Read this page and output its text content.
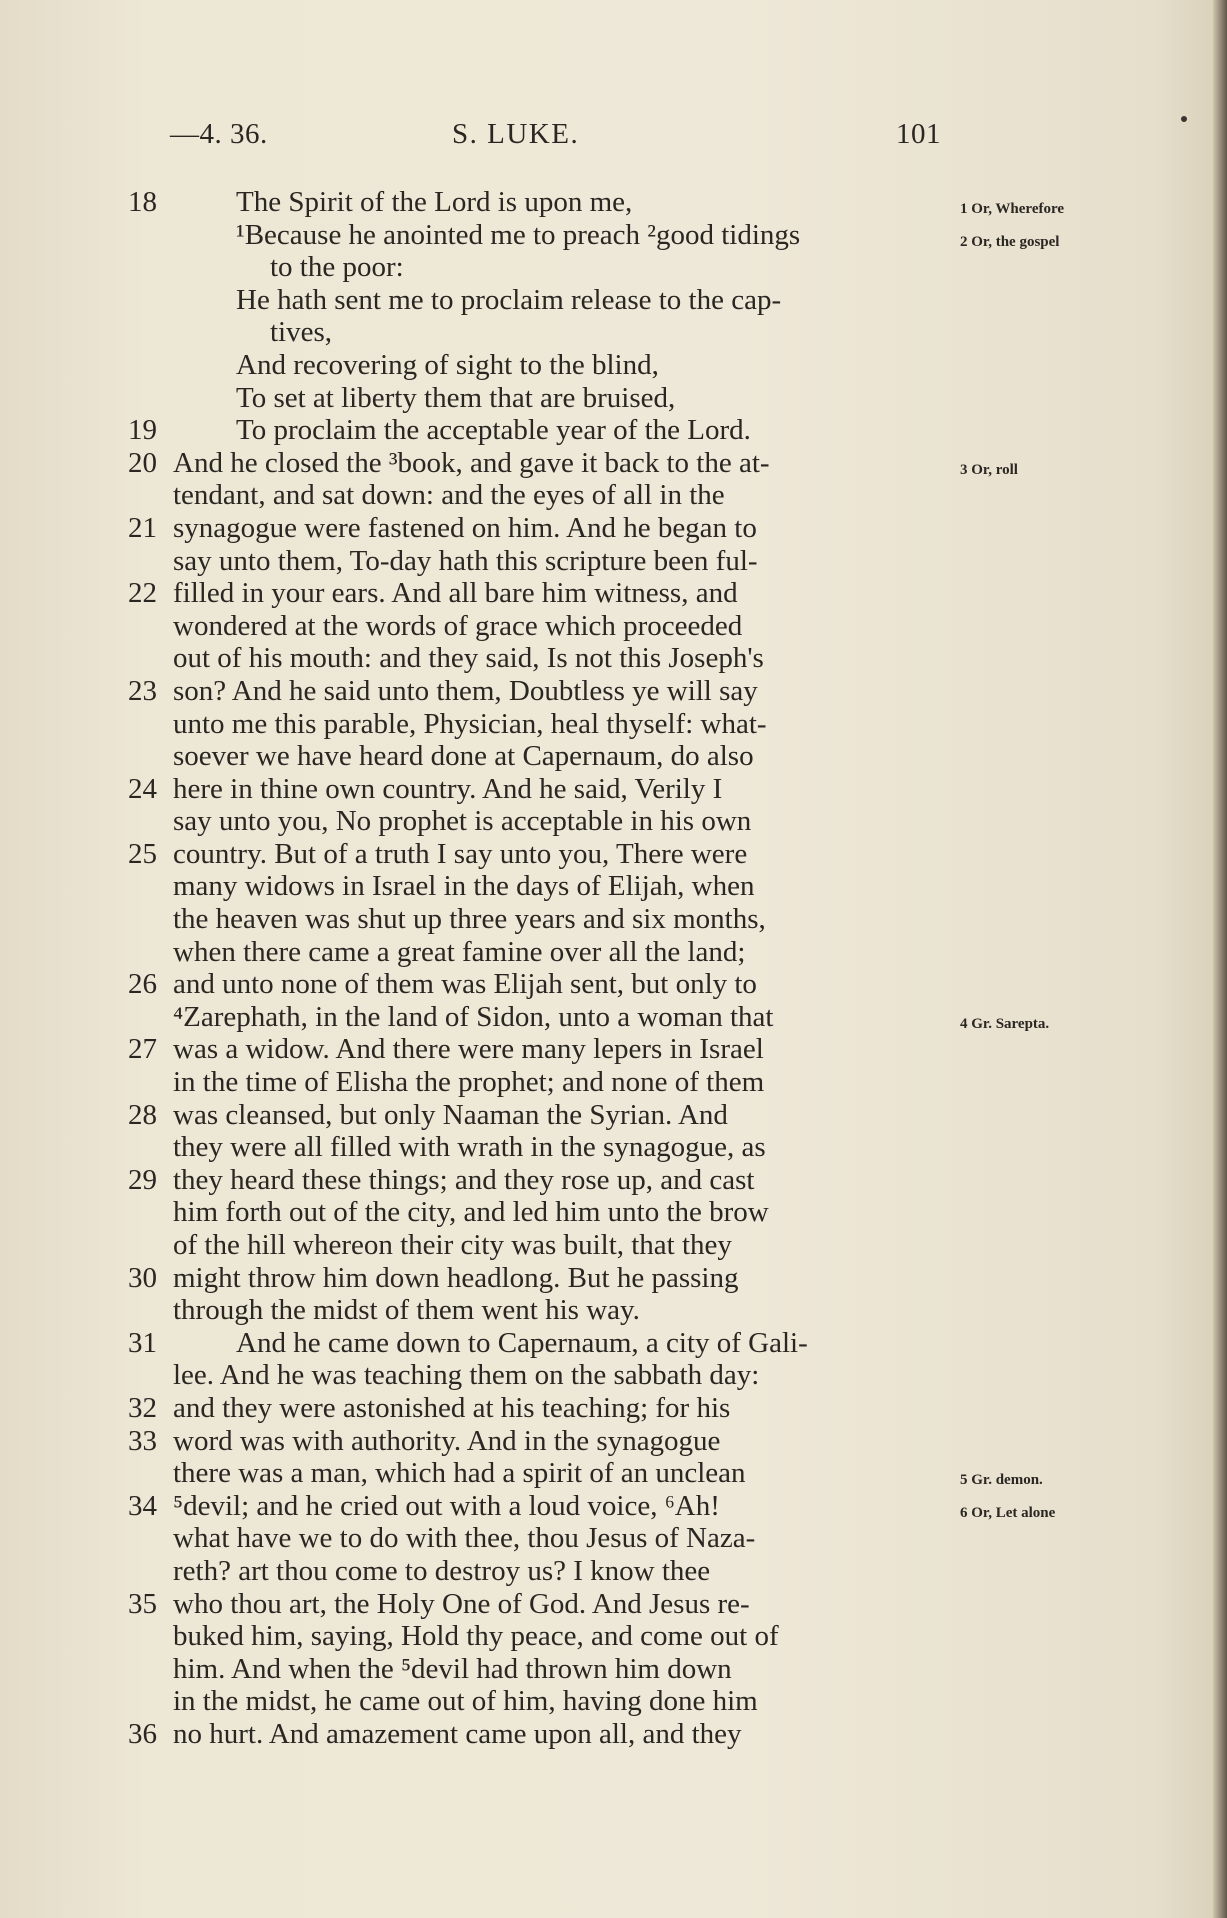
—4. 36.	S. LUKE.	101
18	The Spirit of the Lord is upon me,	1 Or, Wherefore
¹Because he anointed me to preach ²good tidings	2 Or, the gospel
to the poor:
He hath sent me to proclaim release to the cap-
tives,
And recovering of sight to the blind,
To set at liberty them that are bruised,
19	To proclaim the acceptable year of the Lord.
20 And he closed the ³book, and gave it back to the at-	3 Or, roll
tendant, and sat down: and the eyes of all in the
21 synagogue were fastened on him. And he began to
say unto them, To-day hath this scripture been ful-
22 filled in your ears. And all bare him witness, and
wondered at the words of grace which proceeded
out of his mouth: and they said, Is not this Joseph's
23 son? And he said unto them, Doubtless ye will say
unto me this parable, Physician, heal thyself: what-
soever we have heard done at Capernaum, do also
24 here in thine own country. And he said, Verily I
say unto you, No prophet is acceptable in his own
25 country. But of a truth I say unto you, There were
many widows in Israel in the days of Elijah, when
the heaven was shut up three years and six months,
when there came a great famine over all the land;
26 and unto none of them was Elijah sent, but only to
⁴Zarephath, in the land of Sidon, unto a woman that	4 Gr. Sarepta.
27 was a widow. And there were many lepers in Israel
in the time of Elisha the prophet; and none of them
28 was cleansed, but only Naaman the Syrian. And
they were all filled with wrath in the synagogue, as
29 they heard these things; and they rose up, and cast
him forth out of the city, and led him unto the brow
of the hill whereon their city was built, that they
30 might throw him down headlong. But he passing
through the midst of them went his way.
31	And he came down to Capernaum, a city of Gali-
lee. And he was teaching them on the sabbath day:
32 and they were astonished at his teaching; for his
33 word was with authority. And in the synagogue
there was a man, which had a spirit of an unclean	5 Gr. demon.
34 ⁵devil; and he cried out with a loud voice, ⁶Ah!	6 Or, Let alone
what have we to do with thee, thou Jesus of Naza-
reth? art thou come to destroy us? I know thee
35 who thou art, the Holy One of God. And Jesus re-
buked him, saying, Hold thy peace, and come out of
him. And when the ⁵devil had thrown him down
in the midst, he came out of him, having done him
36 no hurt. And amazement came upon all, and they
